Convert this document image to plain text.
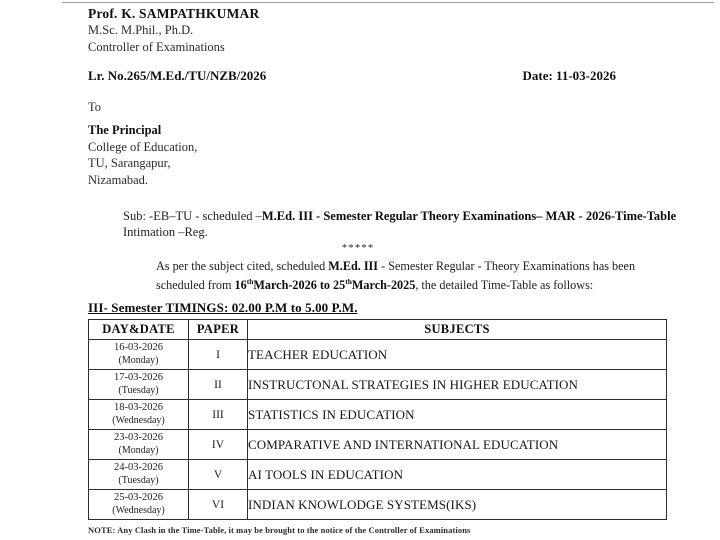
Prof. K. SAMPATHKUMAR
M.Sc. M.Phil., Ph.D.
Controller of Examinations
Lr. No.265/M.Ed./TU/NZB/2026	Date: 11-03-2026
To
The Principal
College of Education,
TU, Sarangapur,
Nizamabad.
Sub: -EB–TU - scheduled –M.Ed. III - Semester Regular Theory Examinations– MAR - 2026-Time-Table Intimation –Reg.
*****
As per the subject cited, scheduled M.Ed. III - Semester Regular - Theory Examinations has been scheduled from 16thMarch-2026 to 25thMarch-2025, the detailed Time-Table as follows:
III- Semester TIMINGS: 02.00 P.M to 5.00 P.M.
DAY&DATE	PAPER	SUBJECTS

16-03-2026
(Monday)	I	TEACHER EDUCATION

17-03-2026
(Tuesday)	II	INSTRUCTONAL STRATEGIES IN HIGHER EDUCATION

18-03-2026
(Wednesday)	III	STATISTICS IN EDUCATION

23-03-2026
(Monday)	IV	COMPARATIVE AND INTERNATIONAL EDUCATION

24-03-2026
(Tuesday)	V	AI TOOLS IN EDUCATION

25-03-2026
(Wednesday)	VI	INDIAN KNOWLODGE SYSTEMS(IKS)
NOTE: Any Clash in the Time-Table, it may be brought to the notice of the Controller of Examinations
